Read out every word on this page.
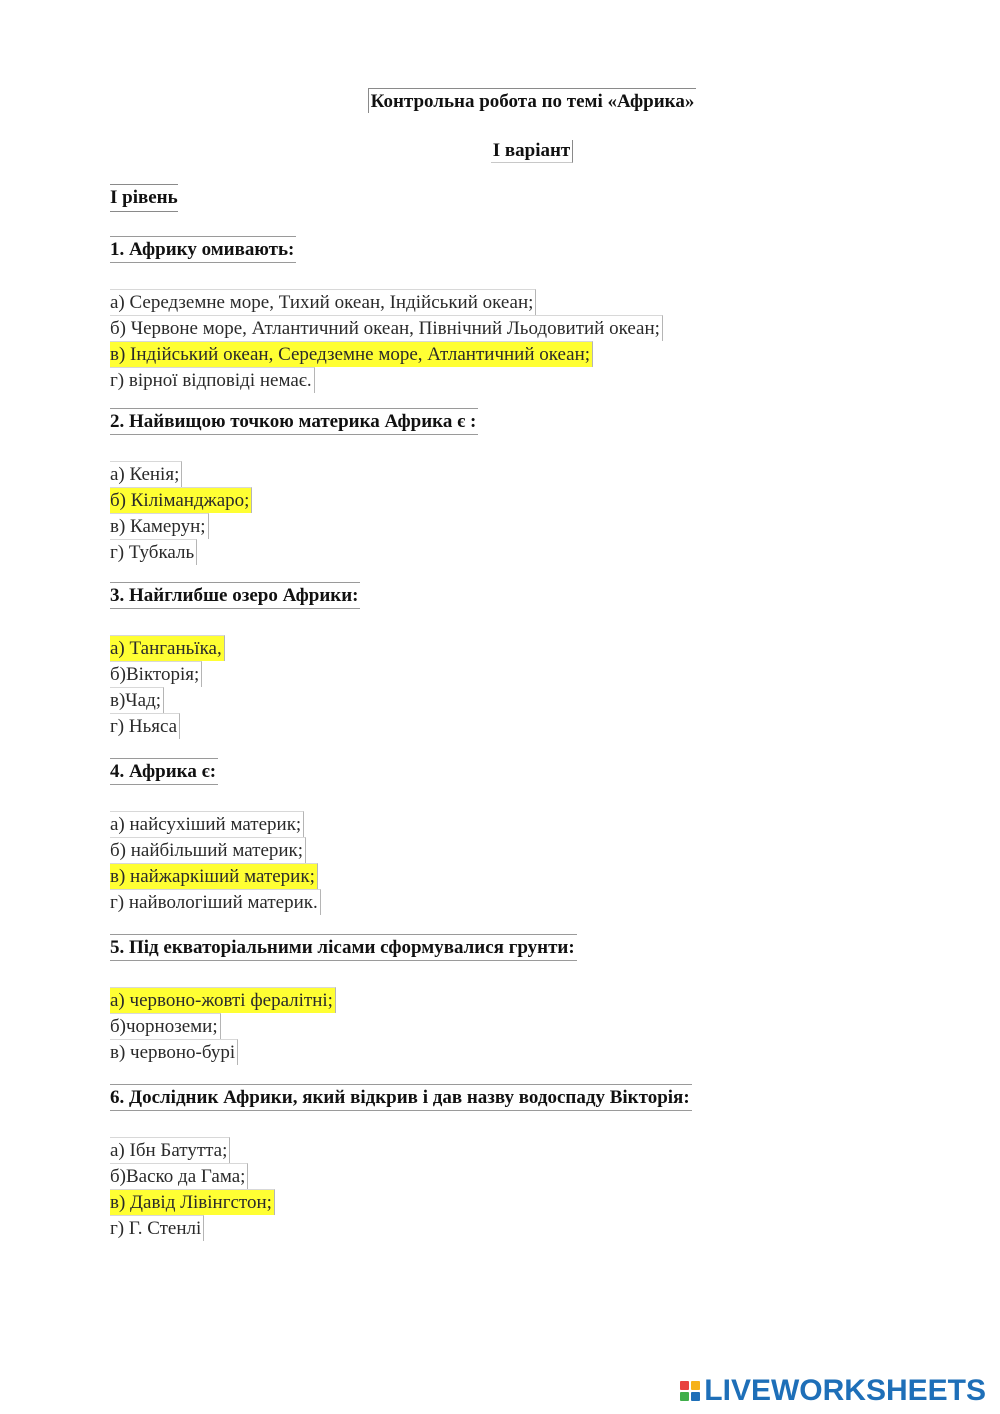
Контрольна робота по темі «Африка»
І варіант
І рівень
1. Африку омивають:
а) Середземне море, Тихий океан, Індійський океан;
б) Червоне море, Атлантичний океан, Північний Льодовитий океан;
в) Індійський океан, Середземне море, Атлантичний океан;
г) вірної відповіді немає.
2. Найвищою точкою материка Африка є :
а) Кенія;
б) Кіліманджаро;
в) Камерун;
г) Тубкаль
3. Найглибше озеро Африки:
а) Танганьїка,
б)Вікторія;
в)Чад;
г) Ньяса
4. Африка є:
а) найсухіший материк;
б) найбільший материк;
в) найжаркіший материк;
г) найвологіший материк.
5. Під екваторіальними лісами сформувалися грунти:
а) червоно-жовті фералітні;
б)чорноземи;
в) червоно-бурі
6. Дослідник Африки, який відкрив і дав назву водоспаду Вікторія:
а) Ібн Батутта;
б)Васко да Гама;
в) Давід Лівінгстон;
г) Г. Стенлі
LIVEWORKSHEETS
